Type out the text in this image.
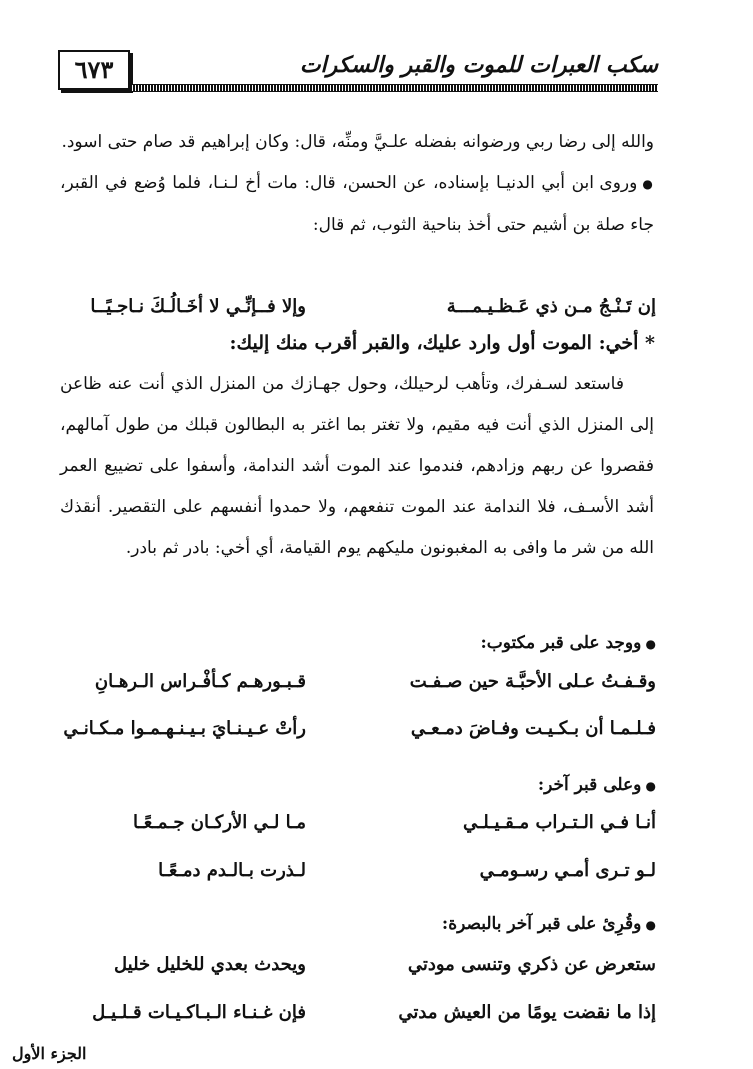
٦٧٣	سكب العبرات للموت والقبر والسكرات

والله إلى رضا ربي ورضوانه بفضله علـيَّ ومنِّه، قال: وكان إبراهيم قد صام حتى اسود.

● وروى ابن أبي الدنيـا بإسناده، عن الحسن، قال: مات أخ لـنـا، فلما وُضع في القبر، جاء صلة بن أشيم حتى أخذ بناحية الثوب، ثم قال:

إن تَـنْـجُ مـن ذي عَـظـيـمـــة
وإلا فــإنِّـي لا أخَـالُـكَ نـاجـيًــا
* أخي: الموت أول وارد عليك، والقبر أقرب منك إليك:

فاستعد لسـفرك، وتأهب لرحيلك، وحول جهـازك من المنزل الذي أنت عنه ظاعن إلى المنزل الذي أنت فيه مقيم، ولا تغتر بما اغتر به البطالون قبلك من طول آمالهم، فقصروا عن ربهم وزادهم، فندموا عند الموت أشد الندامة، وأسفوا على تضييع العمر أشد الأسـف، فلا الندامة عند الموت تنفعهم، ولا حمدوا أنفسهم على التقصير. أنقذك الله من شر ما وافى به المغبونون مليكهم يوم القيامة، أي أخي: بادر ثم بادر.

● ووجد على قبر مكتوب:
وقـفـتُ عـلى الأحبَّـة حين صـفـت
قـبـورهـم كـأفْـراس الـرهـانِ
فـلـمـا أن بـكـيـت وفـاضَ دمـعـي
رأتْ عـيـنـايَ بـيـنـهـمـوا مـكـانـي
● وعلى قبر آخر:
أنـا فـي الـتـراب مـقـيـلـي
مـا لـي الأركـان جـمـعًـا
لـو تـرى أمـي رسـومـي
لـذرت بـالـدم دمـعًـا
● وقُرِئ على قبر آخر بالبصرة:
ستعرض عن ذكري وتنسى مودتي
ويحدث بعدي للخليل خليل
إذا ما نقضت يومًا من العيش مدتي
فإن غـنـاء الـبـاكـيـات قـلـيـل
الجزء الأول
